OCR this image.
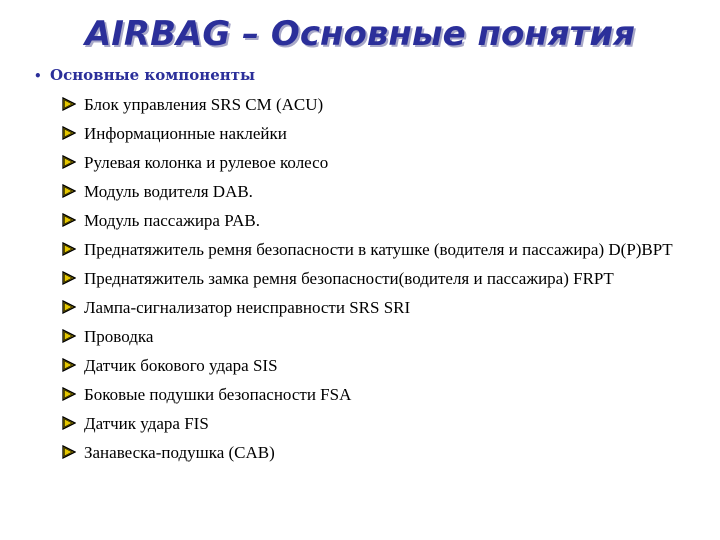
AIRBAG – Основные понятия
• Основные компоненты
Блок управления SRS CM (ACU)
Информационные наклейки
Рулевая колонка и рулевое колесо
Модуль водителя DAB.
Модуль пассажира PAB.
Преднатяжитель ремня безопасности в катушке (водителя и пассажира) D(P)BPT
Преднатяжитель замка ремня безопасности(водителя и пассажира) FRPT
Лампа-сигнализатор неисправности SRS SRI
Проводка
Датчик бокового удара SIS
Боковые подушки безопасности FSA
Датчик удара FIS
Занавеска-подушка (CAB)
